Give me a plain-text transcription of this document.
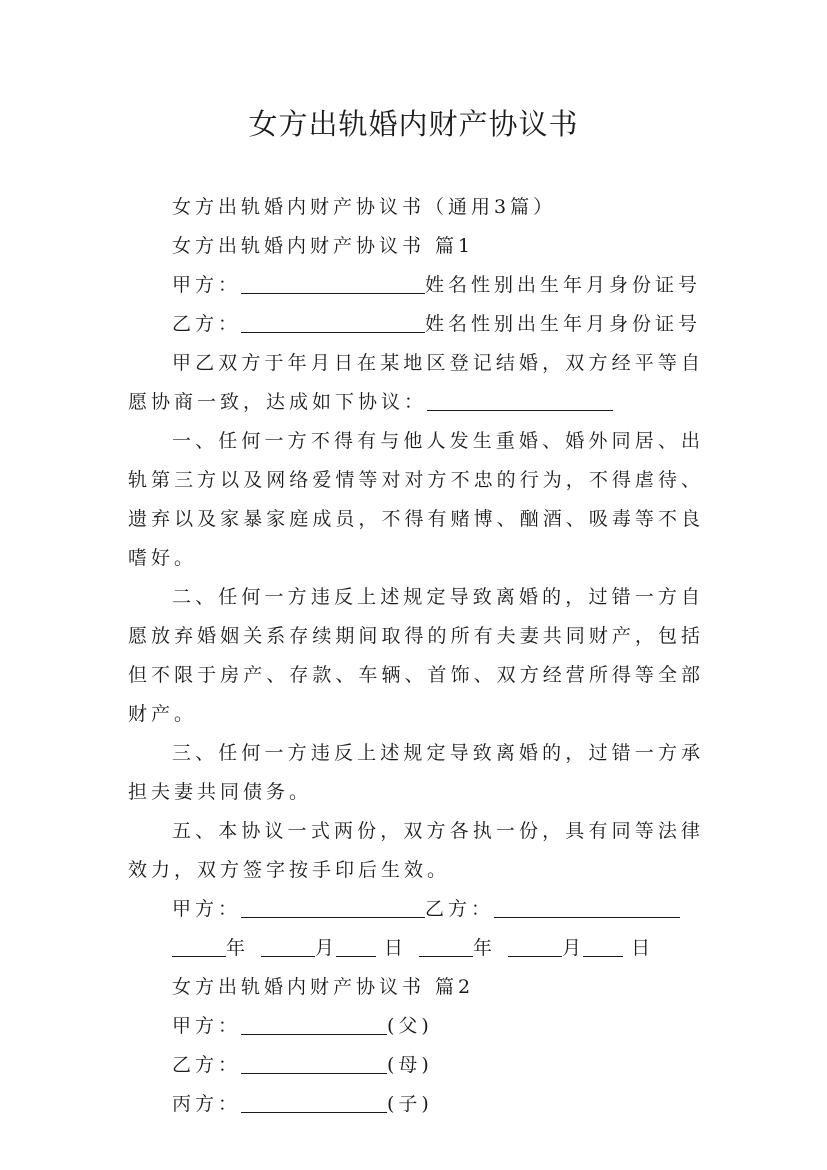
女方出轨婚内财产协议书

女方出轨婚内财产协议书（通用3篇）

女方出轨婚内财产协议书 篇1

甲方：	姓名性别出生年月身份证号

乙方：	姓名性别出生年月身份证号

甲乙双方于年月日在某地区登记结婚，双方经平等自愿协商一致，达成如下协议：

一、任何一方不得有与他人发生重婚、婚外同居、出轨第三方以及网络爱情等对对方不忠的行为，不得虐待、遗弃以及家暴家庭成员，不得有赌博、酗酒、吸毒等不良嗜好。

二、任何一方违反上述规定导致离婚的，过错一方自愿放弃婚姻关系存续期间取得的所有夫妻共同财产，包括但不限于房产、存款、车辆、首饰、双方经营所得等全部财产。

三、任何一方违反上述规定导致离婚的，过错一方承担夫妻共同债务。

五、本协议一式两份，双方各执一份，具有同等法律效力，双方签字按手印后生效。

甲方：	乙方：

年	月	日	年	月	日

女方出轨婚内财产协议书 篇2

甲方：	(父)

乙方：	(母)

丙方：	(子)
